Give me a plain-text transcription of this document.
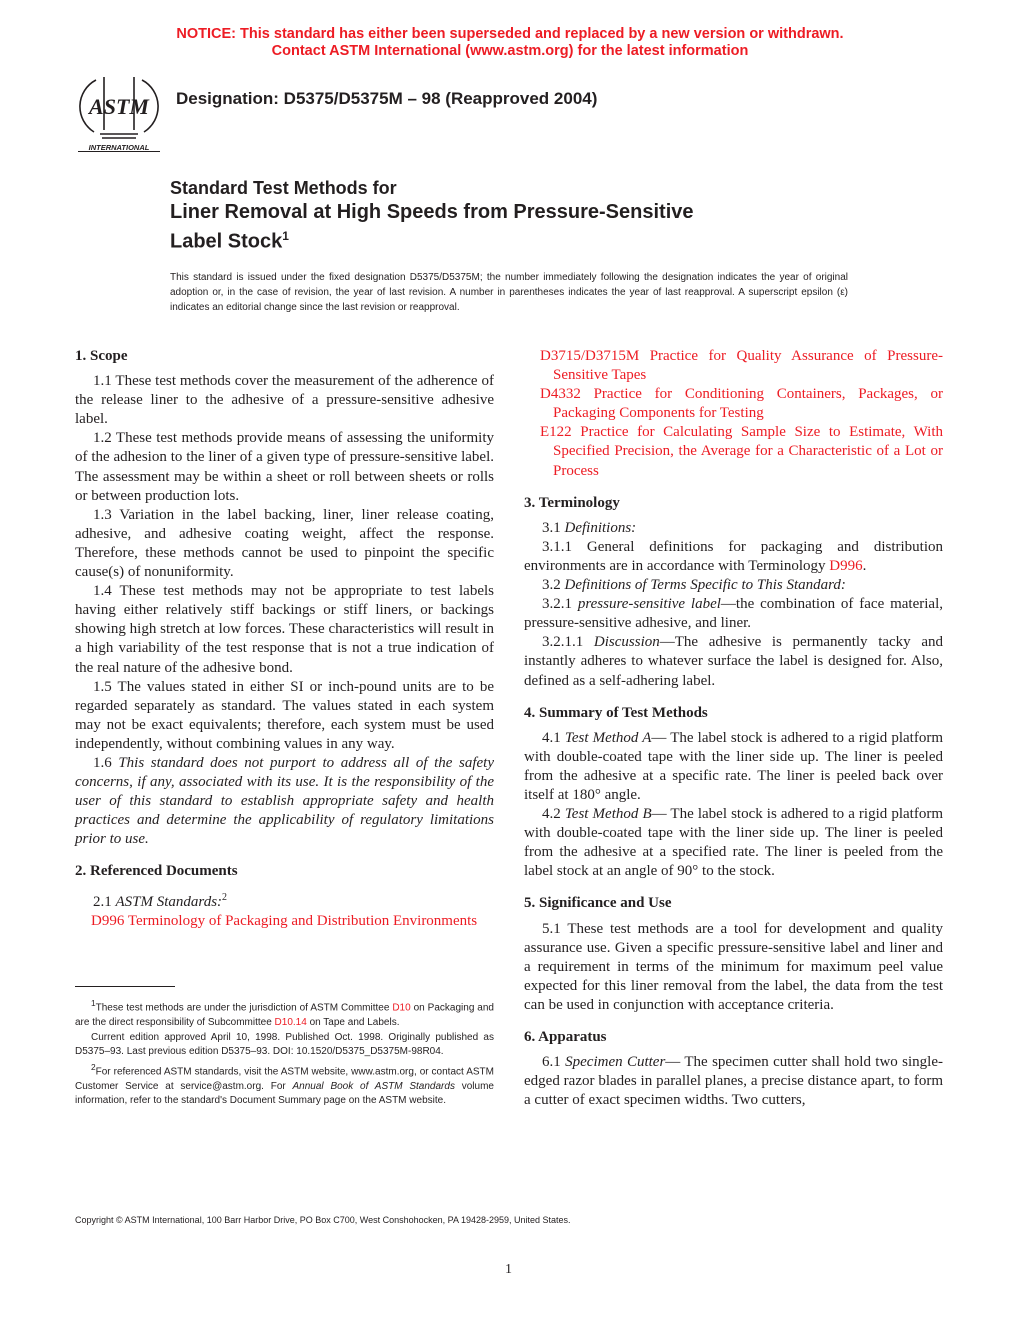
NOTICE: This standard has either been superseded and replaced by a new version or withdrawn.
Contact ASTM International (www.astm.org) for the latest information
ASTM
INTERNATIONAL
Designation: D5375/D5375M – 98 (Reapproved 2004)
Standard Test Methods for
Liner Removal at High Speeds from Pressure-Sensitive
Label Stock$^1$
This standard is issued under the fixed designation D5375/D5375M; the number immediately following the designation indicates the year of original adoption or, in the case of revision, the year of last revision. A number in parentheses indicates the year of last reapproval. A superscript epsilon (ε) indicates an editorial change since the last revision or reapproval.
1. Scope

1.1 These test methods cover the measurement of the adherence of the release liner to the adhesive of a pressure-sensitive adhesive label.

1.2 These test methods provide means of assessing the uniformity of the adhesion to the liner of a given type of pressure-sensitive label. The assessment may be within a sheet or roll between sheets or rolls or between production lots.

1.3 Variation in the label backing, liner, liner release coating, adhesive, and adhesive coating weight, affect the response. Therefore, these methods cannot be used to pinpoint the specific cause(s) of nonuniformity.

1.4 These test methods may not be appropriate to test labels having either relatively stiff backings or stiff liners, or backings showing high stretch at low forces. These characteristics will result in a high variability of the test response that is not a true indication of the real nature of the adhesive bond.

1.5 The values stated in either SI or inch-pound units are to be regarded separately as standard. The values stated in each system may not be exact equivalents; therefore, each system must be used independently, without combining values in any way.

1.6 This standard does not purport to address all of the safety concerns, if any, associated with its use. It is the responsibility of the user of this standard to establish appropriate safety and health practices and determine the applicability of regulatory limitations prior to use.

2. Referenced Documents

2.1 ASTM Standards:$^2$

D996 Terminology of Packaging and Distribution Environments

$^1$These test methods are under the jurisdiction of ASTM Committee D10 on Packaging and are the direct responsibility of Subcommittee D10.14 on Tape and Labels.

Current edition approved April 10, 1998. Published Oct. 1998. Originally published as D5375–93. Last previous edition D5375–93. DOI: 10.1520/D5375_D5375M-98R04.

$^2$For referenced ASTM standards, visit the ASTM website, www.astm.org, or contact ASTM Customer Service at service@astm.org. For Annual Book of ASTM Standards volume information, refer to the standard's Document Summary page on the ASTM website.

D3715/D3715M Practice for Quality Assurance of Pressure-Sensitive Tapes

D4332 Practice for Conditioning Containers, Packages, or Packaging Components for Testing

E122 Practice for Calculating Sample Size to Estimate, With Specified Precision, the Average for a Characteristic of a Lot or Process

3. Terminology

3.1 Definitions:

3.1.1 General definitions for packaging and distribution environments are in accordance with Terminology D996.

3.2 Definitions of Terms Specific to This Standard:

3.2.1 pressure-sensitive label—the combination of face material, pressure-sensitive adhesive, and liner.

3.2.1.1 Discussion—The adhesive is permanently tacky and instantly adheres to whatever surface the label is designed for. Also, defined as a self-adhering label.

4. Summary of Test Methods

4.1 Test Method A— The label stock is adhered to a rigid platform with double-coated tape with the liner side up. The liner is peeled from the adhesive at a specific rate. The liner is peeled back over itself at 180° angle.

4.2 Test Method B— The label stock is adhered to a rigid platform with double-coated tape with the liner side up. The liner is peeled from the adhesive at a specified rate. The liner is peeled from the label stock at an angle of 90° to the stock.

5. Significance and Use

5.1 These test methods are a tool for development and quality assurance use. Given a specific pressure-sensitive label and liner and a requirement in terms of the minimum for maximum peel value expected for this liner removal from the label, the data from the test can be used in conjunction with acceptance criteria.

6. Apparatus

6.1 Specimen Cutter— The specimen cutter shall hold two single-edged razor blades in parallel planes, a precise distance apart, to form a cutter of exact specimen widths. Two cutters,

Copyright © ASTM International, 100 Barr Harbor Drive, PO Box C700, West Conshohocken, PA 19428-2959, United States.
1
